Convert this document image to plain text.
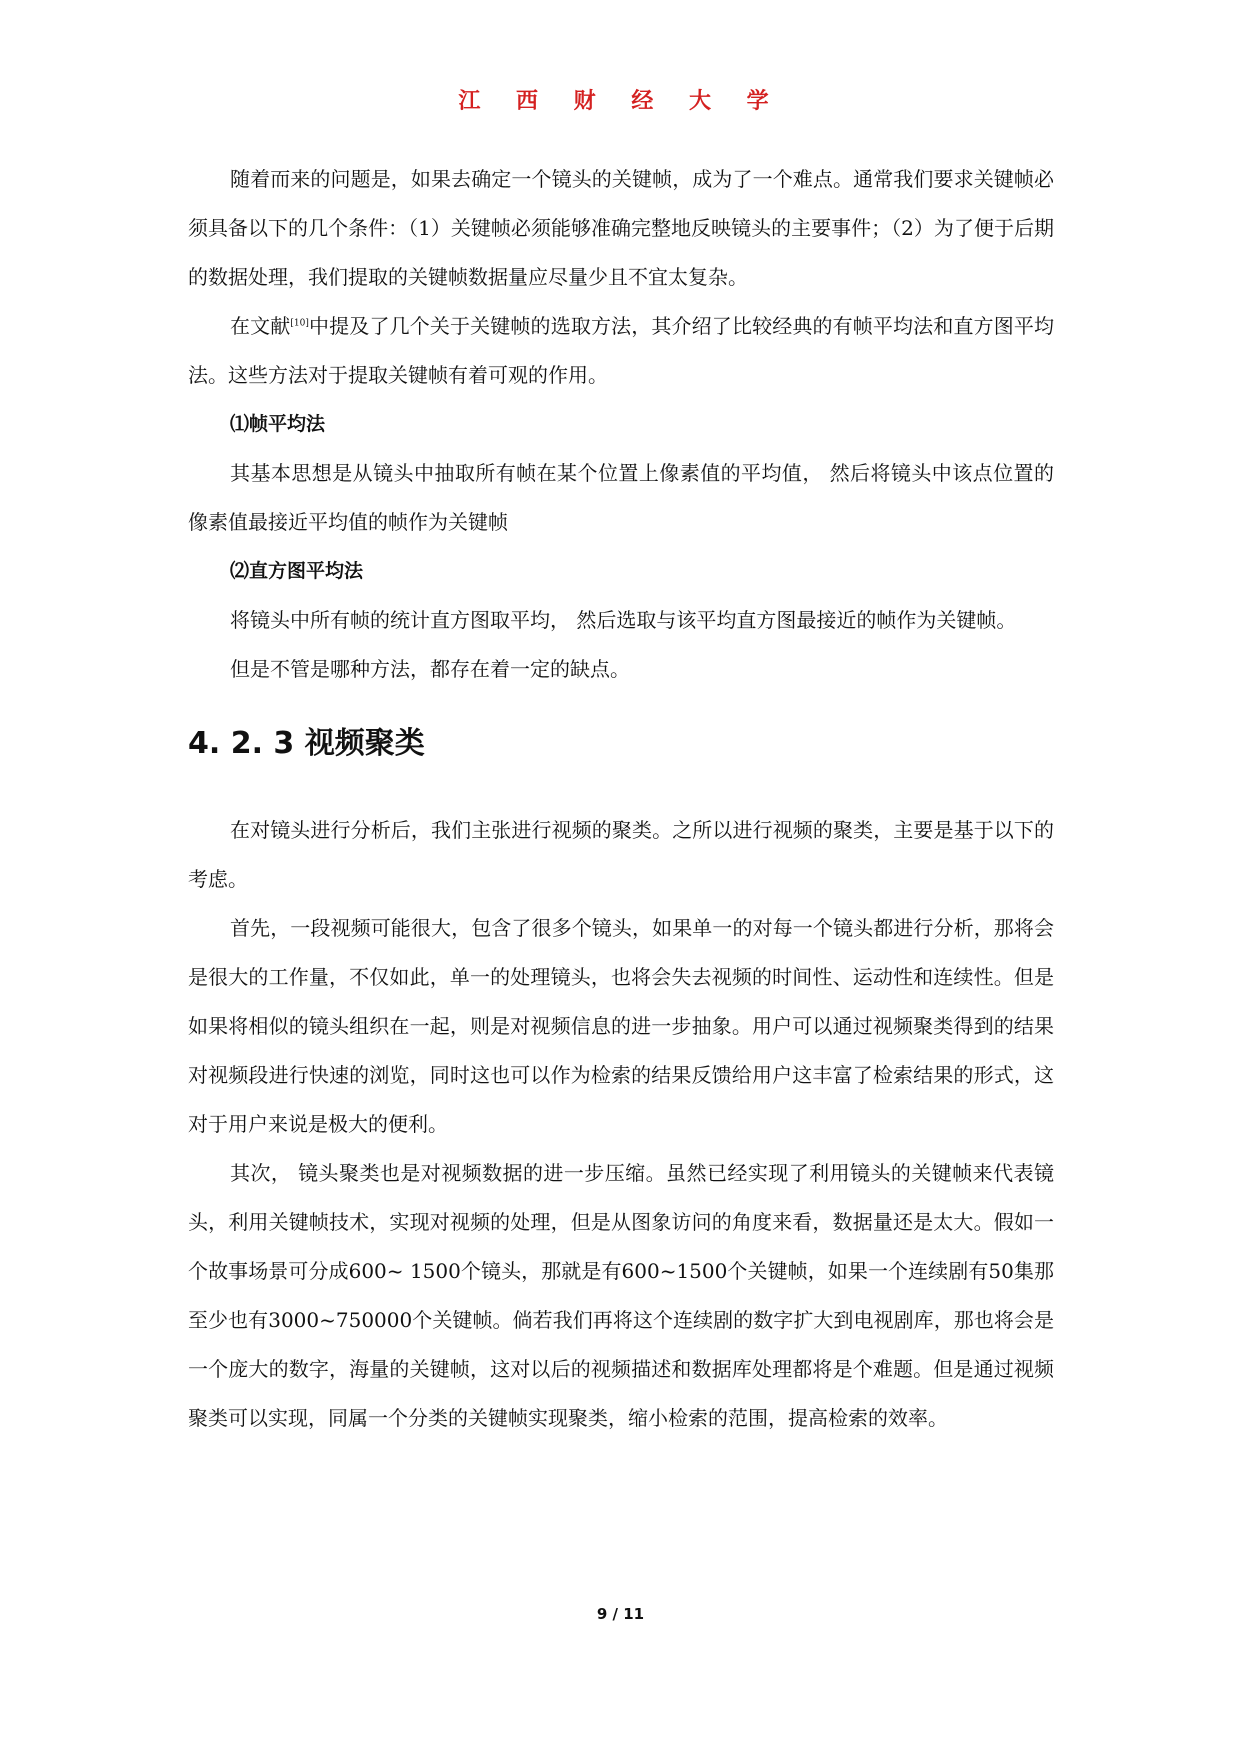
江 西 财 经 大 学

随着而来的问题是，如果去确定一个镜头的关键帧，成为了一个难点。通常我们要求关键帧必须具备以下的几个条件：（1）关键帧必须能够准确完整地反映镜头的主要事件；（2）为了便于后期的数据处理，我们提取的关键帧数据量应尽量少且不宜太复杂。

在文献[10]中提及了几个关于关键帧的选取方法，其介绍了比较经典的有帧平均法和直方图平均法。这些方法对于提取关键帧有着可观的作用。

⑴帧平均法

其基本思想是从镜头中抽取所有帧在某个位置上像素值的平均值， 然后将镜头中该点位置的像素值最接近平均值的帧作为关键帧

⑵直方图平均法

将镜头中所有帧的统计直方图取平均， 然后选取与该平均直方图最接近的帧作为关键帧。

但是不管是哪种方法，都存在着一定的缺点。

4. 2. 3 视频聚类

在对镜头进行分析后，我们主张进行视频的聚类。之所以进行视频的聚类，主要是基于以下的考虑。

首先，一段视频可能很大，包含了很多个镜头，如果单一的对每一个镜头都进行分析，那将会是很大的工作量，不仅如此，单一的处理镜头，也将会失去视频的时间性、运动性和连续性。但是如果将相似的镜头组织在一起，则是对视频信息的进一步抽象。用户可以通过视频聚类得到的结果对视频段进行快速的浏览，同时这也可以作为检索的结果反馈给用户这丰富了检索结果的形式，这对于用户来说是极大的便利。

其次， 镜头聚类也是对视频数据的进一步压缩。虽然已经实现了利用镜头的关键帧来代表镜头，利用关键帧技术，实现对视频的处理，但是从图象访问的角度来看，数据量还是太大。假如一个故事场景可分成600~ 1500个镜头，那就是有600~1500个关键帧，如果一个连续剧有50集那至少也有3000~750000个关键帧。倘若我们再将这个连续剧的数字扩大到电视剧库，那也将会是一个庞大的数字，海量的关键帧，这对以后的视频描述和数据库处理都将是个难题。但是通过视频聚类可以实现，同属一个分类的关键帧实现聚类，缩小检索的范围，提高检索的效率。

9 / 11
